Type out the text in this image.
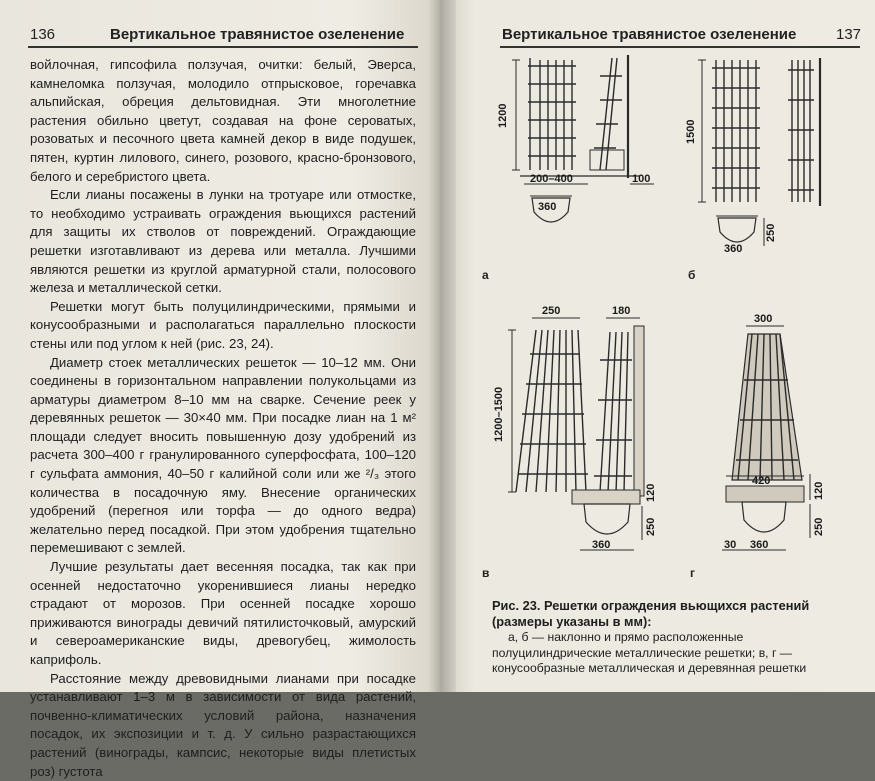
136	Вертикальное травянистое озеленение

войлочная, гипсофила ползучая, очитки: белый, Эверса, камнеломка ползучая, молодило отпрысковое, горечавка альпийская, обреция дельтовидная. Эти многолетние растения обильно цветут, создавая на фоне сероватых, розоватых и песочного цвета камней декор в виде подушек, пятен, куртин лилового, синего, розового, красно-бронзового, белого и серебристого цвета.

Если лианы посажены в лунки на тротуаре или отмостке, то необходимо устраивать ограждения вьющихся растений для защиты их стволов от повреждений. Ограждающие решетки изготавливают из дерева или металла. Лучшими являются решетки из круглой арматурной стали, полосового железа и металлической сетки.

Решетки могут быть полуцилиндрическими, прямыми и конусообразными и располагаться параллельно плоскости стены или под углом к ней (рис. 23, 24).

Диаметр стоек металлических решеток — 10–12 мм. Они соединены в горизонтальном направлении полукольцами из арматуры диаметром 8–10 мм на сварке. Сечение реек у деревянных решеток — 30×40 мм. При посадке лиан на 1 м² площади следует вносить повышенную дозу удобрений из расчета 300–400 г гранулированного суперфосфата, 100–120 г сульфата аммония, 40–50 г калийной соли или же ²/₃ этого количества в посадочную яму. Внесение органических удобрений (перегноя или торфа — до одного ведра) желательно перед посадкой. При этом удобрения тщательно перемешивают с землей.

Лучшие результаты дает весенняя посадка, так как при осенней недостаточно укоренившиеся лианы нередко страдают от морозов. При осенней посадке хорошо приживаются винограды девичий пятилисточковый, амурский и североамериканские виды, древогубец, жимолость каприфоль.

Расстояние между древовидными лианами при посадке устанавливают 1–3 м в зависимости от вида растений, почвенно-климатических условий района, назначения посадок, их экспозиции и т. д. У сильно разрастающихся растений (винограды, кампсис, некоторые виды плетистых роз) густота

Вертикальное травянистое озеленение	137
1200
200–400	100
360
1500
360
250
250	180
1200–1500
360
250
120
300
420
360
30
250
120
а	б
в	г
Рис. 23. Решетки ограждения вьющихся растений (размеры указаны в мм):
а, б — наклонно и прямо расположенные полуцилиндрические металлические решетки; в, г — конусообразные металлическая и деревянная решетки
